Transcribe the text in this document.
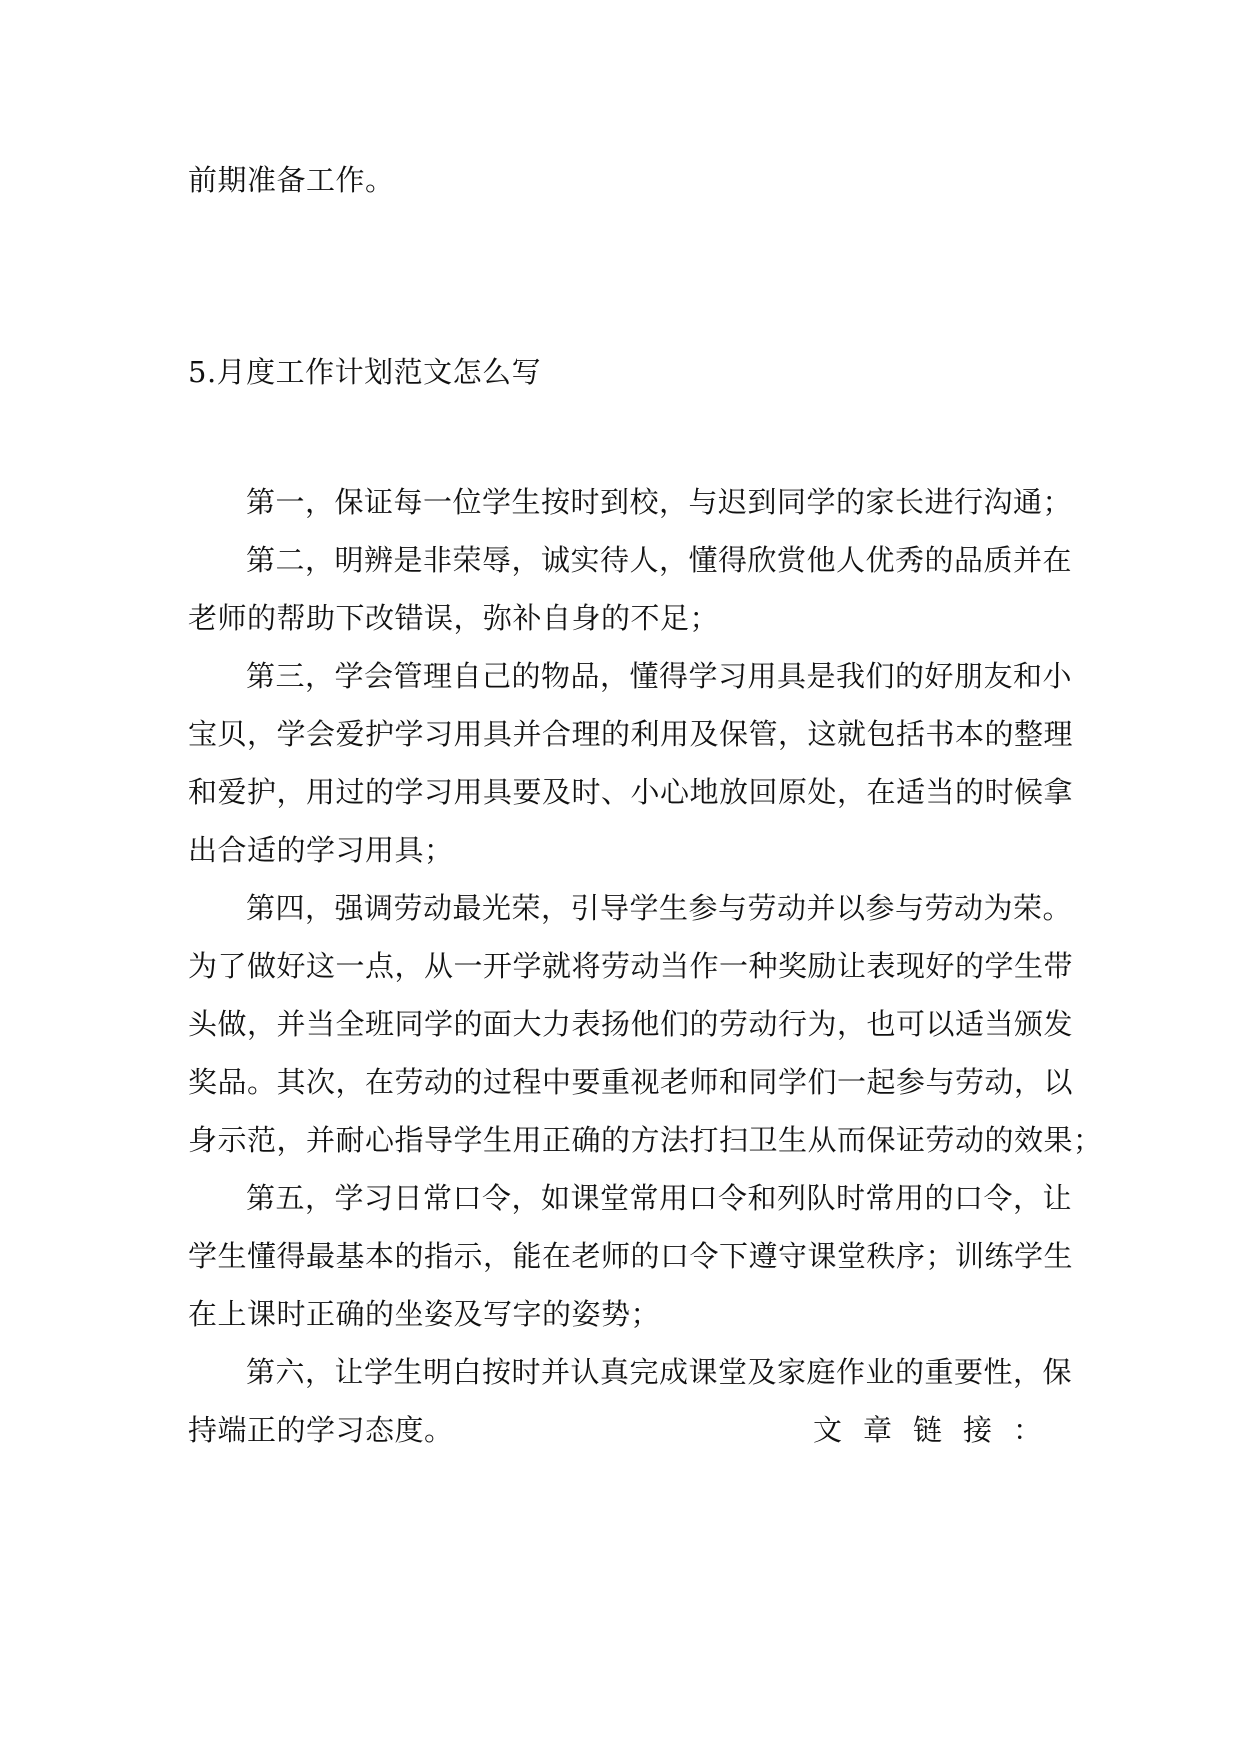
前期准备工作。
5.月度工作计划范文怎么写
第一，保证每一位学生按时到校，与迟到同学的家长进行沟通；
第二，明辨是非荣辱，诚实待人，懂得欣赏他人优秀的品质并在
老师的帮助下改错误，弥补自身的不足；
第三，学会管理自己的物品，懂得学习用具是我们的好朋友和小
宝贝，学会爱护学习用具并合理的利用及保管，这就包括书本的整理
和爱护，用过的学习用具要及时、小心地放回原处，在适当的时候拿
出合适的学习用具；
第四，强调劳动最光荣，引导学生参与劳动并以参与劳动为荣。
为了做好这一点，从一开学就将劳动当作一种奖励让表现好的学生带
头做，并当全班同学的面大力表扬他们的劳动行为，也可以适当颁发
奖品。其次，在劳动的过程中要重视老师和同学们一起参与劳动，以
身示范，并耐心指导学生用正确的方法打扫卫生从而保证劳动的效果；
第五，学习日常口令，如课堂常用口令和列队时常用的口令，让
学生懂得最基本的指示，能在老师的口令下遵守课堂秩序；训练学生
在上课时正确的坐姿及写字的姿势；
第六，让学生明白按时并认真完成课堂及家庭作业的重要性，保
持端正的学习态度。	文章链接：
